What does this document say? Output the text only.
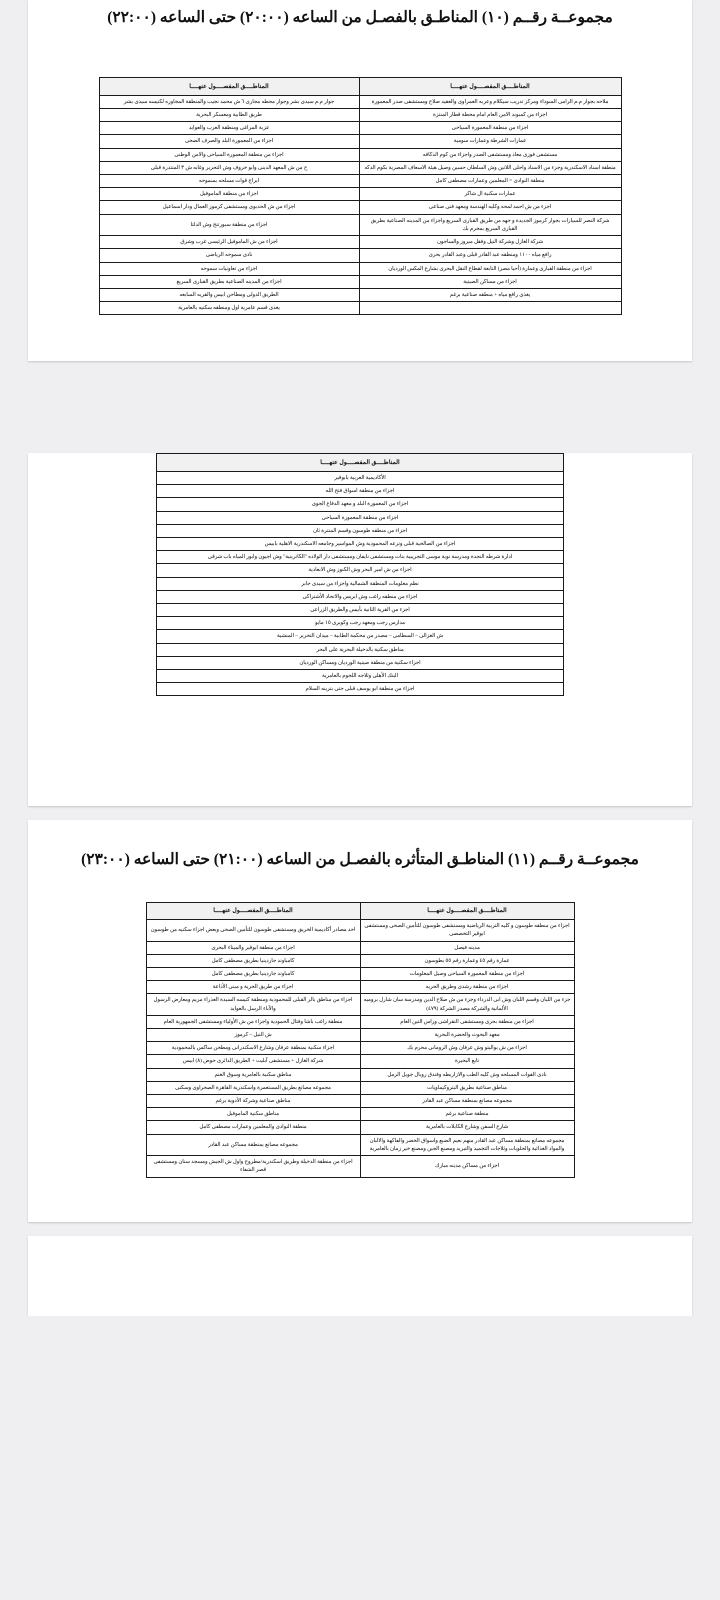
مجموعــة رقــم (١٠) المناطـق بالفصـل من الساعه (٢٠:٠٠) حتى الساعه (٢٢:٠٠)
المناطــــق المفصــــول عنهــــا	المناطــــق المفصــــول عنهــــا
ملاحه بجوار م.م الرامى السوداء ومركز تدريب سيكلام وعربه العمراوى والعقيد صلاح ومستشفى صدر المعمورة	جوار م.م سيدى بشر وجوار محطه مجارى ٦ ش محمد نجيب والمنطقة المجاوره لكنيسه سيدى بشر
اجزاء من كمبوند الامن العام امام محطة قطار المنتزة	طريق الطابية ومعسكر البحرية
اجزاء من منطقة المعمورة السياحى	عزبة المراغى ومنطقة العرب والعوايد
عمارات الشرطة وعمارات سومية	اجزاء من المعمورة البلد والصرف الصحى
مستشفى فوزى معاذ ومستشفى الصدر واجزاء من كوم الدكافه	اجزاء من منطقة المعمورة السياحى والامن الوطنى
منطقة اسناد الاسكندرية وجزء من الاسناد واحلى اللاتين وش السلطان حسين وصيل هيئة الاسعاف المصرية بكوم الدكه	ح من ش المعهد الدينى وابو خروف وش التحرير وغابه ش ٣ المنتدرة قبلى
منطقة النوادى = المعلمين وعمارات مصطفى كامل	ابراج قوات مسلحه بسموحه
عمارات سكنية ال شاكر	اجزاء من منطقة الماموفيل
اجزء من ش احمد لمحه وكليه الهندسة ومعهد فنى صناعى	اجزاء من ش الحدبوى ومستشفى كرموز العمال ودار اسماعيل
شركة النصر للسيارات بجوار كرموز الجديدة و جهه من طريق القبارى السريع واجزاء من المدينه الصناعية بطريق القبارى السريع بمحرم بك	اجزاء من منطقة سبورتنج وش الدلتا
شركة الغازل وشركة النيل وفقل ميروز والساجون	اجزاء من ش الماموفيل الرئيسى غرب وشرق
رافع مياه ١١٠٠ ومنطقه عبد القادر قبلى وعبد القادر بحرى	نادى سموحه الرياضى
اجزاء من منطقة القبارى وعمارة (أحيا مصر) التابعة لقطاع النقل البحرى بشارع المكس الورديان	اجزاء من تعاونيات سموحه
اجزاء من مساكن الصينية	اجزاء من المدينه الصناعية بطريق القبارى السريع
يغذى رافع مياه + منطقه صناعية برغم	الطريق الدولى ومطاحن ابيس والقريه السابعه
	يغذى قسم عامرية اول ومنطقه سكنيه بالعامرية
المناطــــق المفصــــول عنهــــا
الأكاديمية العربية بابوقير
اجزاء من منطقة اسواق فتح الله
اجزاء من المعمورة البلد و معهد الدفاع الجوى
اجزاء من منطقة المعمورة السياحى
اجزاء من منطقه طوسون وقسم المنترة ثان
اجزاء من الصالحية قبلى وترعه المحمودية وش المواسير وجامعه الاسكندرية الاهلية بابيس
ادارة شرطه النجدة ومدرسة نوبة موسى التجريبية بنات ومستشفى نايفان ومستشفى دار الولاده "الكاترينية" وش اجيون وابور المياه باب شرقى
اجزاء من ش امير البحر وش الكنوز وش الابعادية
نظم معلومات المنطقة الشمالية واجزاء من سيدى جابر
اجزاء من منطقه راغب وش ابريس والاتحاد الأشتراكى
اجزء من القرية الثانية بأبيس والطريق الزراعى
مدارس رجب ومعهد رجب وكوبرى ١٥ مايو
ش الغزالى – السطامى – مصدر من محكمة الطابية – ميدان التحرير – المنشية
مناطق سكنية بالدخيلة البحرية على البحر
اجزاء سكنية من منطقة صينية الورديان ومساكن الورديان
البنك الأهلى وثلاجه اللحوم بالعامرية
اجزاء من منطقة ابو يوسف قبلى حتى بترينه السلام
مجموعــة رقــم (١١) المناطـق المتأثره بالفصـل من الساعه (٢١:٠٠) حتى الساعه (٢٣:٠٠)
المناطــــق المفصــــول عنهــــا	المناطــــق المفصــــول عنهــــا
اجزاء من منطقه طوسون و كليه التربية الرياضية ومستشفى طوسون للتأمين الصحى ومستشفى ابوقير التخصصى	احد مصادر أكاديمية الخريق ومستشفى طوسون للتأمين الصحى وبعض اجزاء سكنيه من طوسون
مدينه فيصل	اجزاء من منطقة ابوقير والميناء البحرى
عمارة رقم ٤٥ وعمارة رقم ٥٥ بطوسون	كامباوند جاردينيا بطريق مصطفى كامل
اجزاء من منطقة المعمورة السياحى وصيل المعلومات	كامباوند جاردينيا بطريق مصطفى كامل
اجزاء من منطقة رشدى وطريق الحريه	اجزاء من طريق الحرية و مبنى الأذاعة
جزء من اللبان وقسم اللبان وش ابى الدرداء وجزء من ش صلاح الدين ومدرسة سان شارل بروميه الألمانية والشركة مصدر الشركة (٤٧٩)	اجزاء من مناطق بالر القبلى للمحمودية ومنطقة كنيسه السيدة العذراء مريم ومعارض الرسول والآباء الرسل بالعوايد
اجزاء من منطقة بحرى ومستشفى النقراشى وراس التين العام	منطقة راغب باشا وفتال الحمودية واجزاء من ش الأولياء ومستشفى الجمهورية العام
معهد البحوث والحضرة البحرية	ش النيل – كرموز
اجزاء من ش بواليتو وش عرفان وش الرومانى محرم بك	اجزاء سكنية بمنطقة عرفان وشارع الاسكندرانى ومطحن ساكس بالمحمودية
تابع البحيرة	شركة الغازل + مستشفى آبليت + الطريق الدائرى حوض (٨) ابيس
نادى القوات المسلحه وش كليه الطب والازاربطه وفندق روبال جويل الرمل	مناطق سكنية بالعامرية وسوق الغنم
مناطق صناعية بطريق البتروكيماويات	مجموعه مصانع بطريق المستعمرة واسكندرية القاهرة الصحراوى وسكنى
مجموعه مصانع بمنطقة مساكن عبد القادر	مناطق صناعية وشركة الأدوية برغم
منطقة صناعية برغم	مناطق سكنية الماموفيل
شارع السفن وشارع الكابلات بالعامرية	منطقة النوادى والمعلمين وعمارات مصطفى كامل
مجموعه مصانع بمنطقة مساكن عبد القادر منهم نعيم الضبع واسواق الخضر والفاكهة والالبان والمواد الغذائية والحلويات وثلاجات التجميد والتبريد ومصنع الجبن ومصنع خير زمان بالعامرية	مجموعه مصانع بمنطقة مساكن عبد القادر
اجزاء من مساكن مدينه مبارك	اجزاء من منطقة الدخيلة وطريق اسكندرية/مطروح واول ش الجيش ومسجد سنان ومستشفى قصر الشفاء
